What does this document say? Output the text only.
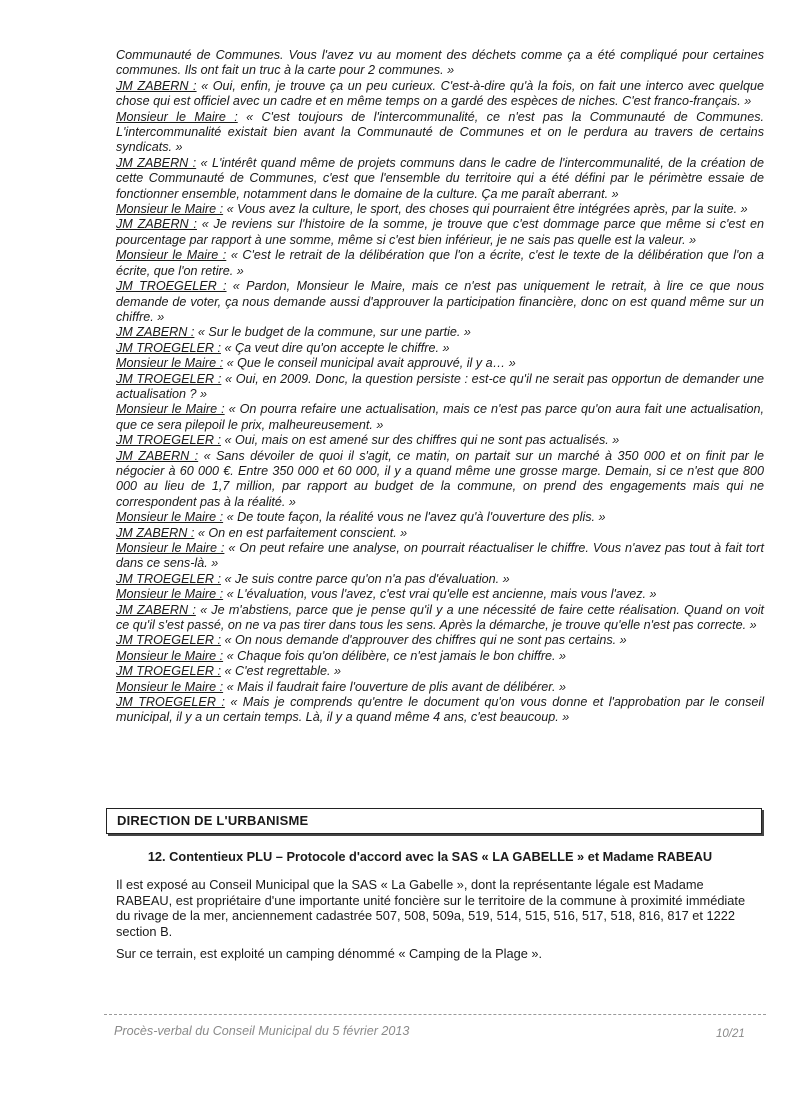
Communauté de Communes. Vous l'avez vu au moment des déchets comme ça a été compliqué pour certaines communes. Ils ont fait un truc à la carte pour 2 communes. »

JM ZABERN : « Oui, enfin, je trouve ça un peu curieux. C'est-à-dire qu'à la fois, on fait une interco avec quelque chose qui est officiel avec un cadre et en même temps on a gardé des espèces de niches. C'est franco-français. »

Monsieur le Maire : « C'est toujours de l'intercommunalité, ce n'est pas la Communauté de Communes. L'intercommunalité existait bien avant la Communauté de Communes et on le perdura au travers de certains syndicats. »

JM ZABERN : « L'intérêt quand même de projets communs dans le cadre de l'intercommunalité, de la création de cette Communauté de Communes, c'est que l'ensemble du territoire qui a été défini par le périmètre essaie de fonctionner ensemble, notamment dans le domaine de la culture. Ça me paraît aberrant. »

Monsieur le Maire : « Vous avez la culture, le sport, des choses qui pourraient être intégrées après, par la suite. »

JM ZABERN : « Je reviens sur l'histoire de la somme, je trouve que c'est dommage parce que même si c'est en pourcentage par rapport à une somme, même si c'est bien inférieur, je ne sais pas quelle est la valeur. »

Monsieur le Maire : « C'est le retrait de la délibération que l'on a écrite, c'est le texte de la délibération que l'on a écrite, que l'on retire. »

JM TROEGELER : « Pardon, Monsieur le Maire, mais ce n'est pas uniquement le retrait, à lire ce que nous demande de voter, ça nous demande aussi d'approuver la participation financière, donc on est quand même sur un chiffre. »

JM ZABERN : « Sur le budget de la commune, sur une partie. »

JM TROEGELER : « Ça veut dire qu'on accepte le chiffre. »

Monsieur le Maire : « Que le conseil municipal avait approuvé, il y a… »

JM TROEGELER : « Oui, en 2009. Donc, la question persiste : est-ce qu'il ne serait pas opportun de demander une actualisation ? »

Monsieur le Maire : « On pourra refaire une actualisation, mais ce n'est pas parce qu'on aura fait une actualisation, que ce sera pilepoil le prix, malheureusement. »

JM TROEGELER : « Oui, mais on est amené sur des chiffres qui ne sont pas actualisés. »

JM ZABERN : « Sans dévoiler de quoi il s'agit, ce matin, on partait sur un marché à 350 000 et on finit par le négocier à 60 000 €. Entre 350 000 et 60 000, il y a quand même une grosse marge. Demain, si ce n'est que 800 000 au lieu de 1,7 million, par rapport au budget de la commune, on prend des engagements mais qui ne correspondent pas à la réalité. »

Monsieur le Maire : « De toute façon, la réalité vous ne l'avez qu'à l'ouverture des plis. »

JM ZABERN : « On en est parfaitement conscient. »

Monsieur le Maire : « On peut refaire une analyse, on pourrait réactualiser le chiffre. Vous n'avez pas tout à fait tort dans ce sens-là. »

JM TROEGELER : « Je suis contre parce qu'on n'a pas d'évaluation. »

Monsieur le Maire : « L'évaluation, vous l'avez, c'est vrai qu'elle est ancienne, mais vous l'avez. »

JM ZABERN : « Je m'abstiens, parce que je pense qu'il y a une nécessité de faire cette réalisation. Quand on voit ce qu'il s'est passé, on ne va pas tirer dans tous les sens. Après la démarche, je trouve qu'elle n'est pas correcte. »

JM TROEGELER : « On nous demande d'approuver des chiffres qui ne sont pas certains. »

Monsieur le Maire : « Chaque fois qu'on délibère, ce n'est jamais le bon chiffre. »

JM TROEGELER : « C'est regrettable. »

Monsieur le Maire : « Mais il faudrait faire l'ouverture de plis avant de délibérer. »

JM TROEGELER : « Mais je comprends qu'entre le document qu'on vous donne et l'approbation par le conseil municipal, il y a un certain temps. Là, il y a quand même 4 ans, c'est beaucoup. »

DIRECTION DE L'URBANISME
12. Contentieux PLU – Protocole d'accord avec la SAS « LA GABELLE » et Madame RABEAU

Il est exposé au Conseil Municipal que la SAS « La Gabelle », dont la représentante légale est Madame RABEAU, est propriétaire d'une importante unité foncière sur le territoire de la commune à proximité immédiate du rivage de la mer, anciennement cadastrée 507, 508, 509a, 519, 514, 515, 516, 517, 518, 816, 817 et 1222 section B.

Sur ce terrain, est exploité un camping dénommé « Camping de la Plage ».

Procès-verbal du Conseil Municipal du 5 février 2013	10/21
